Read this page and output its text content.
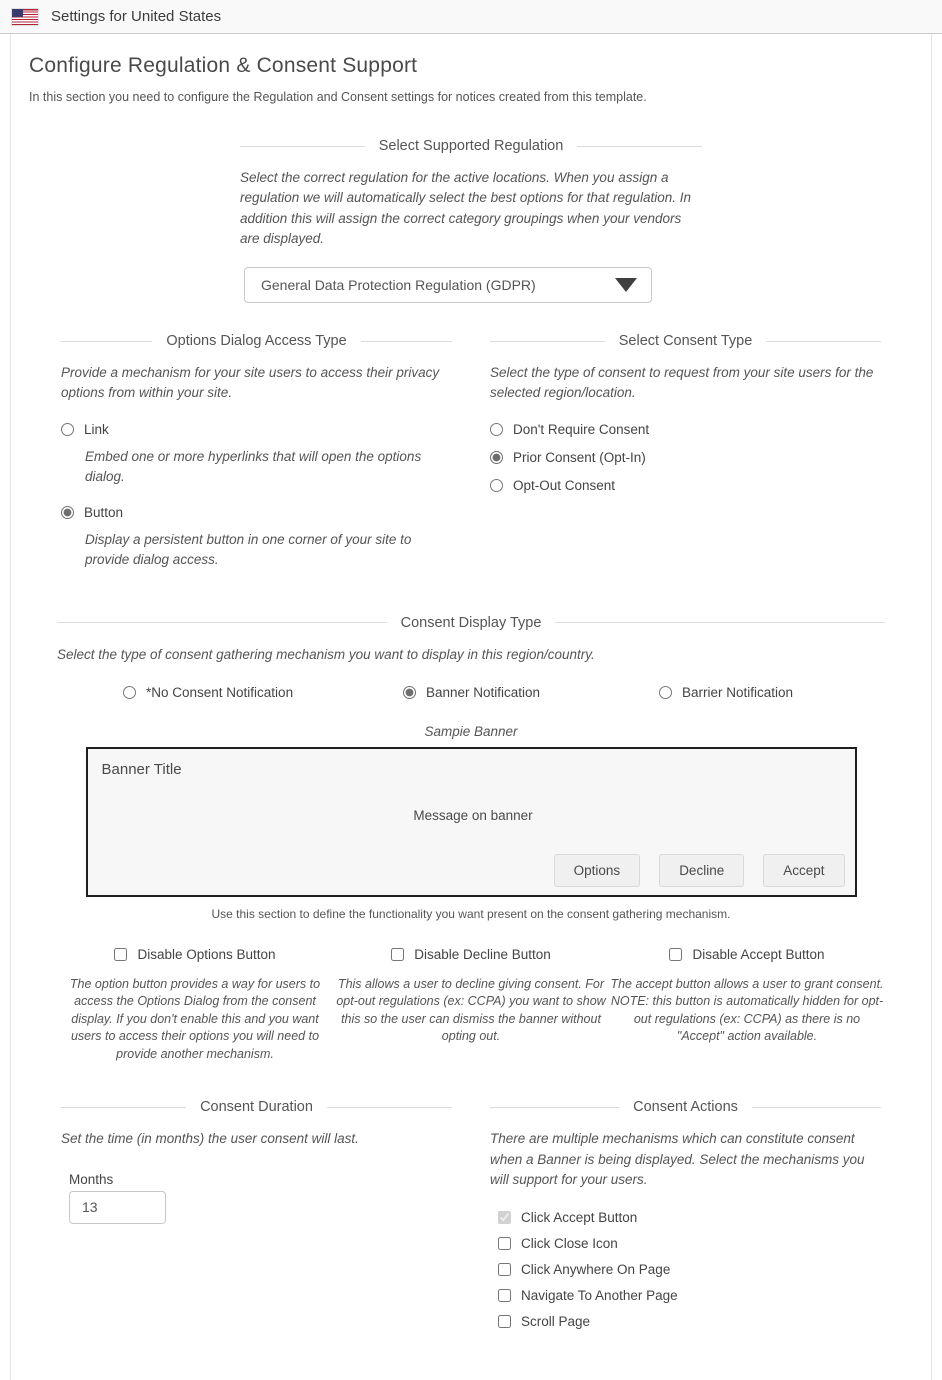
Settings for United States
Configure Regulation & Consent Support
In this section you need to configure the Regulation and Consent settings for notices created from this template.
Select Supported Regulation

Select the correct regulation for the active locations. When you assign a regulation we will automatically select the best options for that regulation. In addition this will assign the correct category groupings when your vendors are displayed.

General Data Protection Regulation (GDPR)
Options Dialog Access Type

Provide a mechanism for your site users to access their privacy options from within your site.

Link

Embed one or more hyperlinks that will open the options dialog.

Button

Display a persistent button in one corner of your site to provide dialog access.

Select Consent Type

Select the type of consent to request from your site users for the selected region/location.

Don't Require Consent
Prior Consent (Opt-In)
Opt-Out Consent
Consent Display Type

Select the type of consent gathering mechanism you want to display in this region/country.

*No Consent Notification	Banner Notification	Barrier Notification
Sampie Banner
Banner Title
Message on banner
Options	Decline	Accept
Use this section to define the functionality you want present on the consent gathering mechanism.
Disable Options Button

The option button provides a way for users to access the Options Dialog from the consent display. If you don't enable this and you want users to access their options you will need to provide another mechanism.

Disable Decline Button

This allows a user to decline giving consent. For opt-out regulations (ex: CCPA) you want to show this so the user can dismiss the banner without opting out.

Disable Accept Button

The accept button allows a user to grant consent. NOTE: this button is automatically hidden for opt-out regulations (ex: CCPA) as there is no "Accept" action available.

Consent Duration

Set the time (in months) the user consent will last.

Months
13
Consent Actions

There are multiple mechanisms which can constitute consent when a Banner is being displayed. Select the mechanisms you will support for your users.

Click Accept Button
Click Close Icon
Click Anywhere On Page
Navigate To Another Page
Scroll Page
